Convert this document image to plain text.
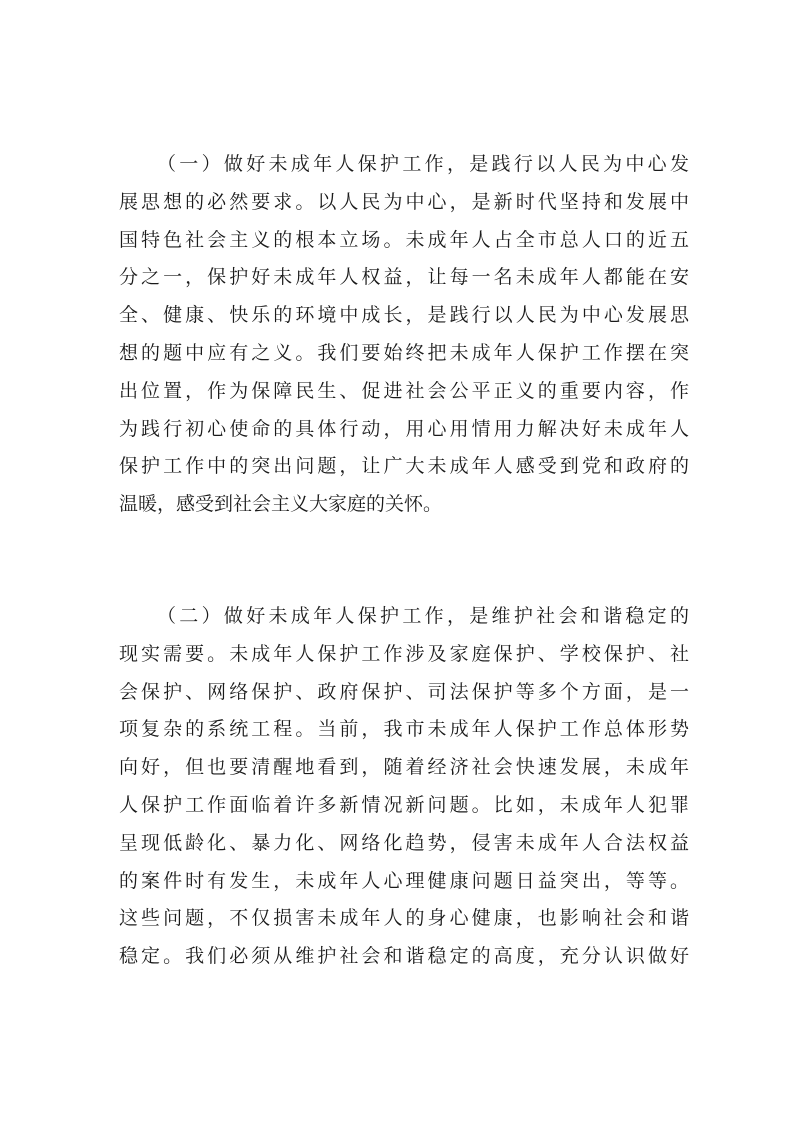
（一）做好未成年人保护工作，是践行以人民为中心发
展思想的必然要求。以人民为中心，是新时代坚持和发展中
国特色社会主义的根本立场。未成年人占全市总人口的近五
分之一，保护好未成年人权益，让每一名未成年人都能在安
全、健康、快乐的环境中成长，是践行以人民为中心发展思
想的题中应有之义。我们要始终把未成年人保护工作摆在突
出位置，作为保障民生、促进社会公平正义的重要内容，作
为践行初心使命的具体行动，用心用情用力解决好未成年人
保护工作中的突出问题，让广大未成年人感受到党和政府的
温暖，感受到社会主义大家庭的关怀。
（二）做好未成年人保护工作，是维护社会和谐稳定的
现实需要。未成年人保护工作涉及家庭保护、学校保护、社
会保护、网络保护、政府保护、司法保护等多个方面，是一
项复杂的系统工程。当前，我市未成年人保护工作总体形势
向好，但也要清醒地看到，随着经济社会快速发展，未成年
人保护工作面临着许多新情况新问题。比如，未成年人犯罪
呈现低龄化、暴力化、网络化趋势，侵害未成年人合法权益
的案件时有发生，未成年人心理健康问题日益突出，等等。
这些问题，不仅损害未成年人的身心健康，也影响社会和谐
稳定。我们必须从维护社会和谐稳定的高度，充分认识做好
